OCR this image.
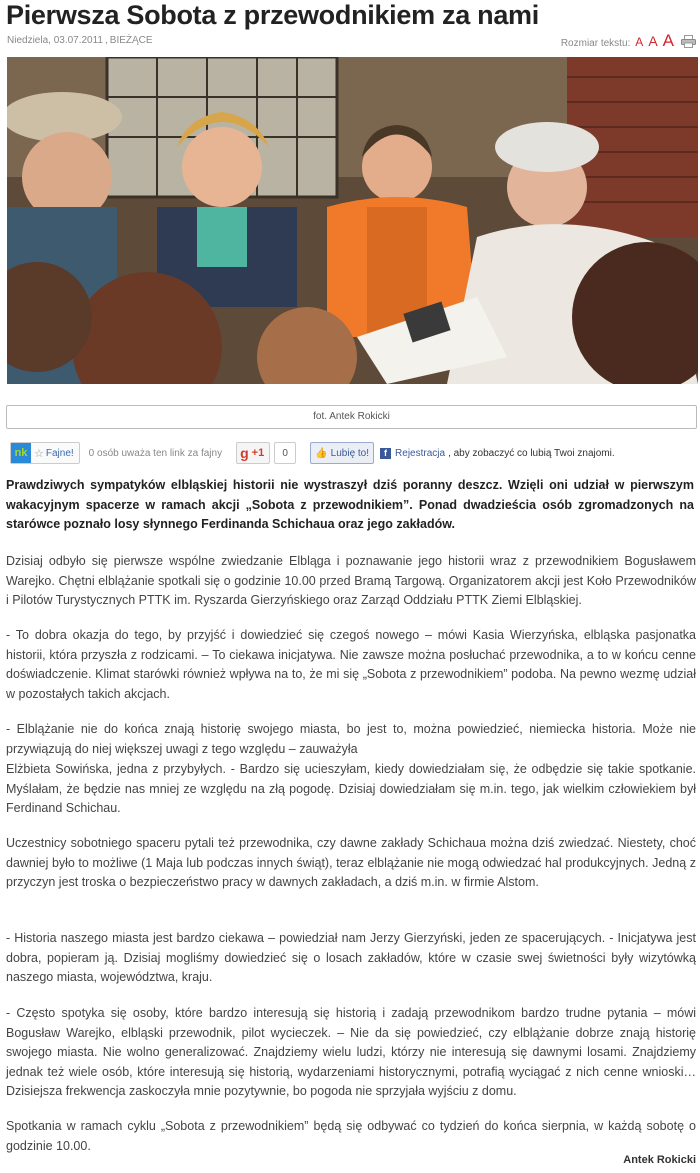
Pierwsza Sobota z przewodnikiem za nami
Niedziela, 03.07.2011 , BIEŻĄCE	Rozmiar tekstu: A A A
fot. Antek Rokicki
nk ☆ Fajne! 0 osób uważa ten link za fajny g +1	0	👍 Lubię to!	f Rejestracja , aby zobaczyć co lubią Twoi znajomi.
Prawdziwych sympatyków elbląskiej historii nie wystraszył dziś poranny deszcz. Wzięli oni udział w pierwszym wakacyjnym spacerze w ramach akcji „Sobota z przewodnikiem”. Ponad dwadzieścia osób zgromadzonych na starówce poznało losy słynnego Ferdinanda Schichaua oraz jego zakładów.
Dzisiaj odbyło się pierwsze wspólne zwiedzanie Elbląga i poznawanie jego historii wraz z przewodnikiem Bogusławem Warejko. Chętni elblążanie spotkali się o godzinie 10.00 przed Bramą Targową. Organizatorem akcji jest Koło Przewodników i Pilotów Turystycznych PTTK im. Ryszarda Gierzyńskiego oraz Zarząd Oddziału PTTK Ziemi Elbląskiej.
- To dobra okazja do tego, by przyjść i dowiedzieć się czegoś nowego – mówi Kasia Wierzyńska, elbląska pasjonatka historii, która przyszła z rodzicami. – To ciekawa inicjatywa. Nie zawsze można posłuchać przewodnika, a to w końcu cenne doświadczenie. Klimat starówki również wpływa na to, że mi się „Sobota z przewodnikiem” podoba. Na pewno wezmę udział w pozostałych takich akcjach.
- Elblążanie nie do końca znają historię swojego miasta, bo jest to, można powiedzieć, niemiecka historia. Może nie przywiązują do niej większej uwagi z tego względu – zauważyła
Elżbieta Sowińska, jedna z przybyłych. - Bardzo się ucieszyłam, kiedy dowiedziałam się, że odbędzie się takie spotkanie. Myślałam, że będzie nas mniej ze względu na złą pogodę. Dzisiaj dowiedziałam się m.in. tego, jak wielkim człowiekiem był Ferdinand Schichau.
Uczestnicy sobotniego spaceru pytali też przewodnika, czy dawne zakłady Schichaua można dziś zwiedzać. Niestety, choć dawniej było to możliwe (1 Maja lub podczas innych świąt), teraz elblążanie nie mogą odwiedzać hal produkcyjnych. Jedną z przyczyn jest troska o bezpieczeństwo pracy w dawnych zakładach, a dziś m.in. w firmie Alstom.
- Historia naszego miasta jest bardzo ciekawa – powiedział nam Jerzy Gierzyński, jeden ze spacerujących. - Inicjatywa jest dobra, popieram ją. Dzisiaj mogliśmy dowiedzieć się o losach zakładów, które w czasie swej świetności były wizytówką naszego miasta, województwa, kraju.
- Często spotyka się osoby, które bardzo interesują się historią i zadają przewodnikom bardzo trudne pytania – mówi Bogusław Warejko, elbląski przewodnik, pilot wycieczek. – Nie da się powiedzieć, czy elblążanie dobrze znają historię swojego miasta. Nie wolno generalizować. Znajdziemy wielu ludzi, którzy nie interesują się dawnymi losami. Znajdziemy jednak też wiele osób, które interesują się historią, wydarzeniami historycznymi, potrafią wyciągać z nich cenne wnioski… Dzisiejsza frekwencja zaskoczyła mnie pozytywnie, bo pogoda nie sprzyjała wyjściu z domu.
Spotkania w ramach cyklu „Sobota z przewodnikiem” będą się odbywać co tydzień do końca sierpnia, w każdą sobotę o godzinie 10.00.
Antek Rokicki
